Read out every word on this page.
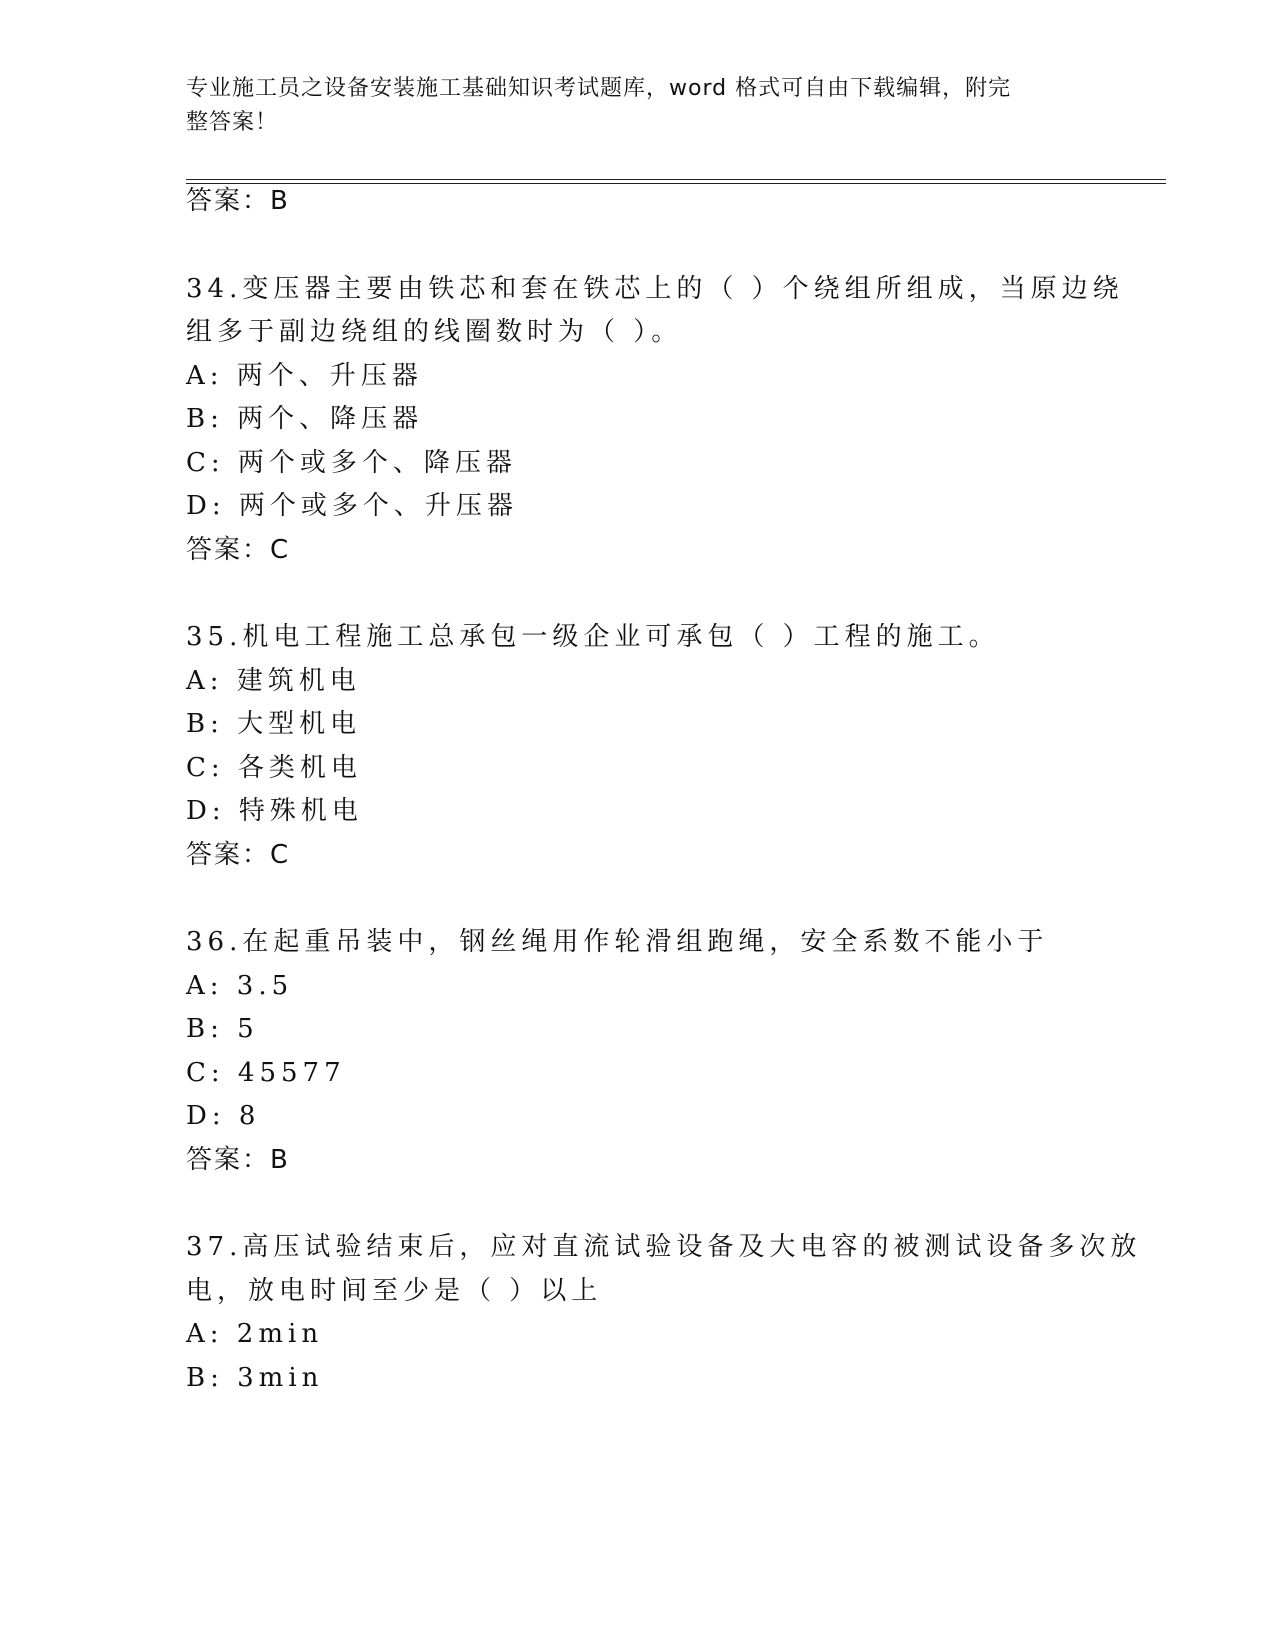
专业施工员之设备安装施工基础知识考试题库，word 格式可自由下载编辑，附完
整答案！
答案：B
34.变压器主要由铁芯和套在铁芯上的（ ）个绕组所组成，当原边绕
组多于副边绕组的线圈数时为（ ）。
A: 两个、升压器
B: 两个、降压器
C: 两个或多个、降压器
D: 两个或多个、升压器
答案：C
35.机电工程施工总承包一级企业可承包（ ）工程的施工。
A: 建筑机电
B: 大型机电
C: 各类机电
D: 特殊机电
答案：C
36.在起重吊装中，钢丝绳用作轮滑组跑绳，安全系数不能小于
A: 3.5
B: 5
C: 45577
D: 8
答案：B
37.高压试验结束后，应对直流试验设备及大电容的被测试设备多次放
电，放电时间至少是（ ）以上
A: 2min
B: 3min
